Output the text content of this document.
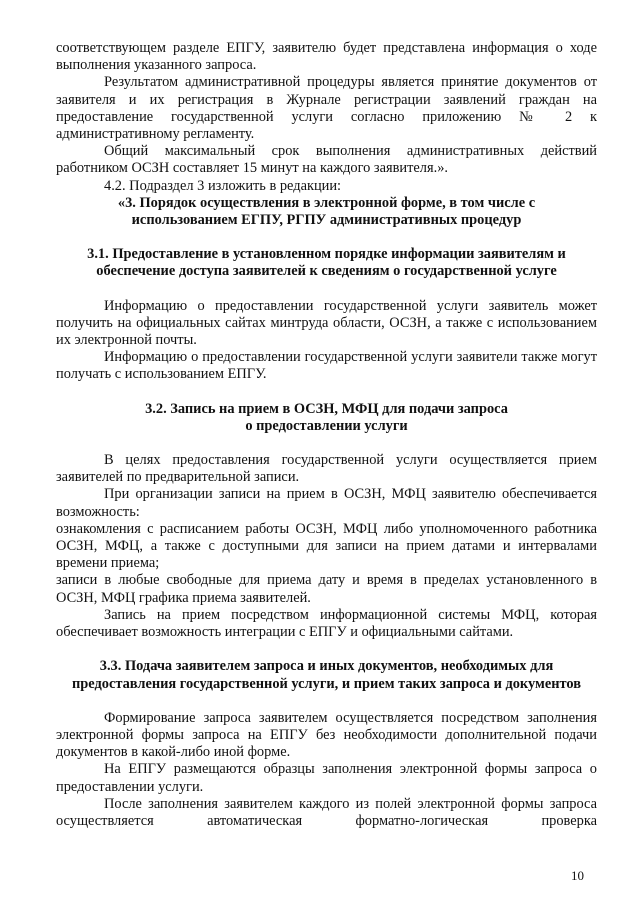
соответствующем разделе ЕПГУ, заявителю будет представлена информация о ходе выполнения указанного запроса.

Результатом административной процедуры является принятие документов от заявителя и их регистрация в Журнале регистрации заявлений граждан на предоставление государственной услуги согласно приложению № 2 к административному регламенту.

Общий максимальный срок выполнения административных действий работником ОСЗН составляет 15 минут на каждого заявителя.».

4.2. Подраздел 3 изложить в редакции:

«3. Порядок осуществления в электронной форме, в том числе с использованием ЕГПУ, РГПУ административных процедур

3.1. Предоставление в установленном порядке информации заявителям и обеспечение доступа заявителей к сведениям о государственной услуге

Информацию о предоставлении государственной услуги заявитель может получить на официальных сайтах минтруда области, ОСЗН, а также с использованием их электронной почты.

Информацию о предоставлении государственной услуги заявители также могут получать с использованием ЕПГУ.

3.2. Запись на прием в ОСЗН, МФЦ для подачи запроса

о предоставлении услуги

В целях предоставления государственной услуги осуществляется прием заявителей по предварительной записи.

При организации записи на прием в ОСЗН, МФЦ заявителю обеспечивается возможность:

ознакомления с расписанием работы ОСЗН, МФЦ либо уполномоченного работника ОСЗН, МФЦ, а также с доступными для записи на прием датами и интервалами времени приема;

записи в любые свободные для приема дату и время в пределах установленного в ОСЗН, МФЦ графика приема заявителей.

Запись на прием посредством информационной системы МФЦ, которая обеспечивает возможность интеграции с ЕПГУ и официальными сайтами.

3.3. Подача заявителем запроса и иных документов, необходимых для предоставления государственной услуги, и прием таких запроса и документов

Формирование запроса заявителем осуществляется посредством заполнения электронной формы запроса на ЕПГУ без необходимости дополнительной подачи документов в какой-либо иной форме.

На ЕПГУ размещаются образцы заполнения электронной формы запроса о предоставлении услуги.

После заполнения заявителем каждого из полей электронной формы запроса осуществляется автоматическая форматно-логическая проверка

10
